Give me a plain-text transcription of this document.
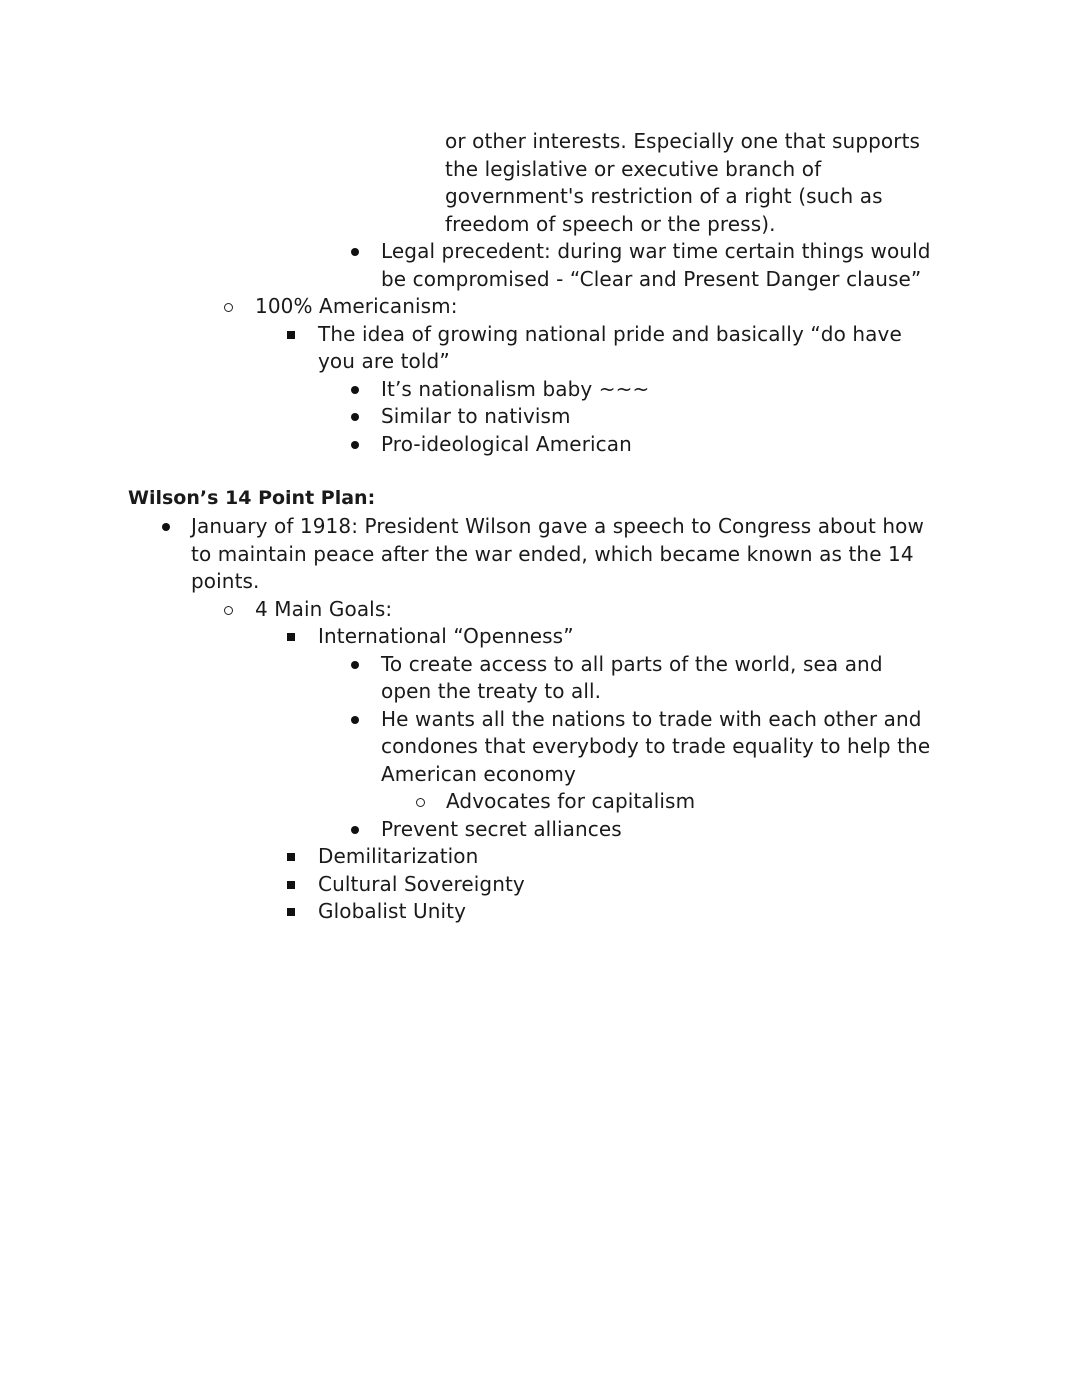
or other interests. Especially one that supports
the legislative or executive branch of
government's restriction of a right (such as
freedom of speech or the press).
Legal precedent: during war time certain things would
be compromised - “Clear and Present Danger clause”
100% Americanism:
The idea of growing national pride and basically “do have
you are told”
It’s nationalism baby ~~~
Similar to nativism
Pro-ideological American
Wilson’s 14 Point Plan:
January of 1918: President Wilson gave a speech to Congress about how
to maintain peace after the war ended, which became known as the 14
points.
4 Main Goals:
International “Openness”
To create access to all parts of the world, sea and
open the treaty to all.
He wants all the nations to trade with each other and
condones that everybody to trade equality to help the
American economy
Advocates for capitalism
Prevent secret alliances
Demilitarization
Cultural Sovereignty
Globalist Unity
